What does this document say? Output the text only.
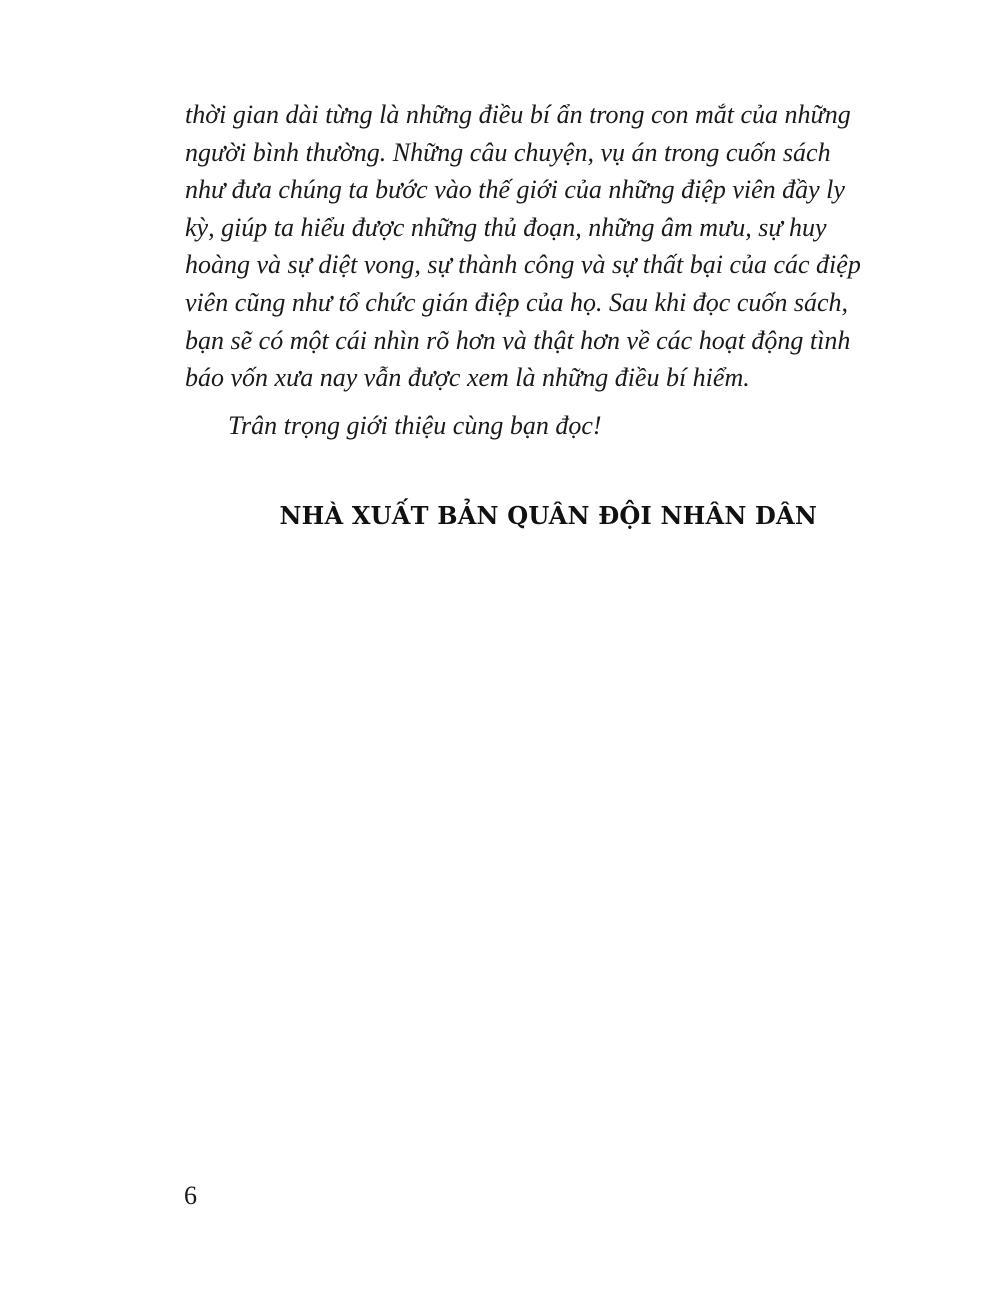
thời gian dài từng là những điều bí ẩn trong con mắt của những
người bình thường. Những câu chuyện, vụ án trong cuốn sách
như đưa chúng ta bước vào thế giới của những điệp viên đầy ly
kỳ, giúp ta hiểu được những thủ đoạn, những âm mưu, sự huy
hoàng và sự diệt vong, sự thành công và sự thất bại của các điệp
viên cũng như tổ chức gián điệp của họ. Sau khi đọc cuốn sách,
bạn sẽ có một cái nhìn rõ hơn và thật hơn về các hoạt động tình
báo vốn xưa nay vẫn được xem là những điều bí hiểm.
Trân trọng giới thiệu cùng bạn đọc!
NHÀ XUẤT BẢN QUÂN ĐỘI NHÂN DÂN
6
